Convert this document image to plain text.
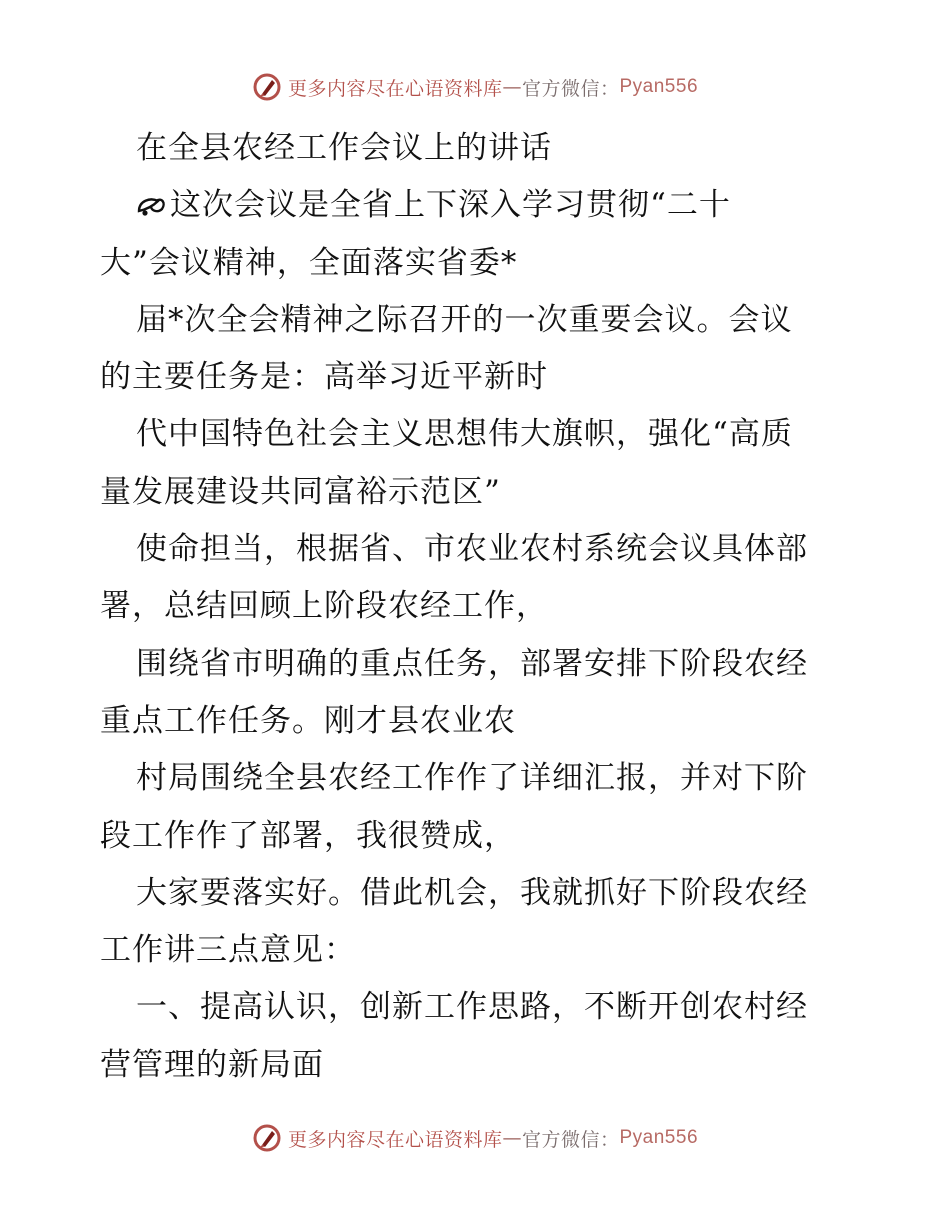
更多内容尽在心语资料库 — 官方微信： Pyan556
在全县农经工作会议上的讲话
这次会议是全省上下深入学习贯彻“二十
大”会议精神，全面落实省委*
届*次全会精神之际召开的一次重要会议。会议
的主要任务是：高举习近平新时
代中国特色社会主义思想伟大旗帜，强化“高质
量发展建设共同富裕示范区”
使命担当，根据省、市农业农村系统会议具体部
署，总结回顾上阶段农经工作，
围绕省市明确的重点任务，部署安排下阶段农经
重点工作任务。刚才县农业农
村局围绕全县农经工作作了详细汇报，并对下阶
段工作作了部署，我很赞成，
大家要落实好。借此机会，我就抓好下阶段农经
工作讲三点意见：
一、提高认识，创新工作思路，不断开创农村经
营管理的新局面
更多内容尽在心语资料库 — 官方微信： Pyan556
